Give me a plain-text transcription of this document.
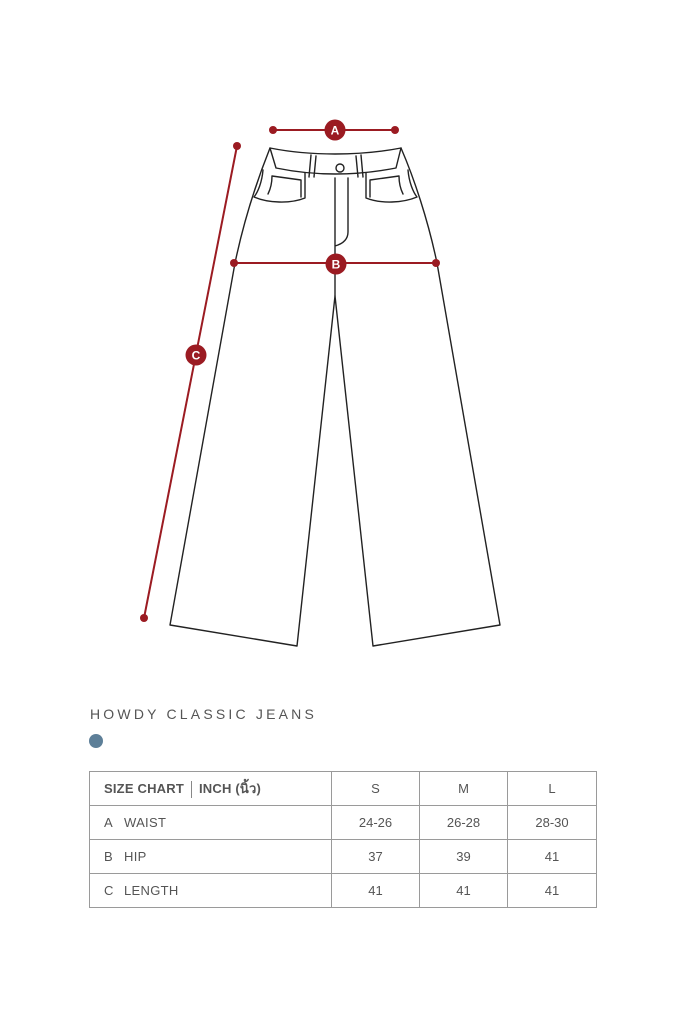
A
B
C
HOWDY CLASSIC JEANS
SIZE CHART INCH (นิ้ว)	S	M	L
A WAIST	24-26	26-28	28-30
B HIP	37	39	41
C LENGTH	41	41	41
